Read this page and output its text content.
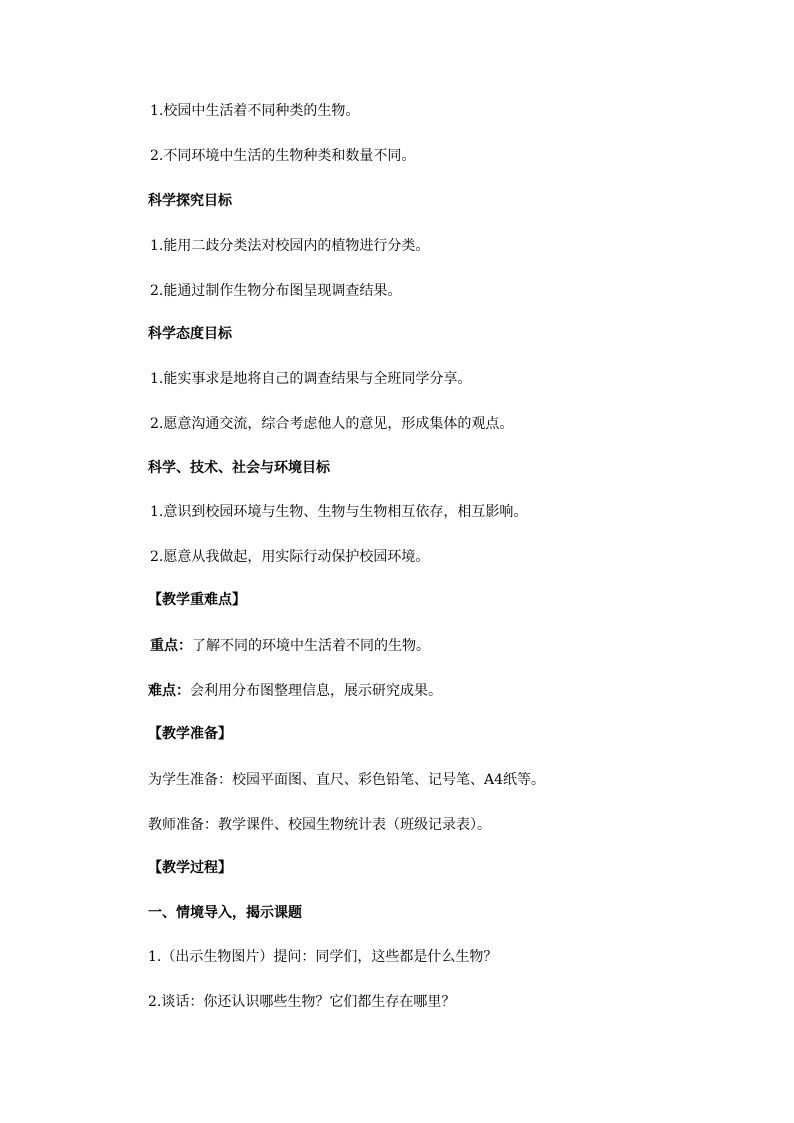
1.校园中生活着不同种类的生物。
2.不同环境中生活的生物种类和数量不同。
科学探究目标
1.能用二歧分类法对校园内的植物进行分类。
2.能通过制作生物分布图呈现调查结果。
科学态度目标
1.能实事求是地将自己的调查结果与全班同学分享。
2.愿意沟通交流，综合考虑他人的意见，形成集体的观点。
科学、技术、社会与环境目标
1.意识到校园环境与生物、生物与生物相互依存，相互影响。
2.愿意从我做起，用实际行动保护校园环境。
【教学重难点】
重点：了解不同的环境中生活着不同的生物。
难点：会利用分布图整理信息，展示研究成果。
【教学准备】
为学生准备：校园平面图、直尺、彩色铅笔、记号笔、A4纸等。
教师准备：教学课件、校园生物统计表（班级记录表）。
【教学过程】
一、情境导入，揭示课题
1.（出示生物图片）提问：同学们，这些都是什么生物？
2.谈话：你还认识哪些生物？它们都生存在哪里？
